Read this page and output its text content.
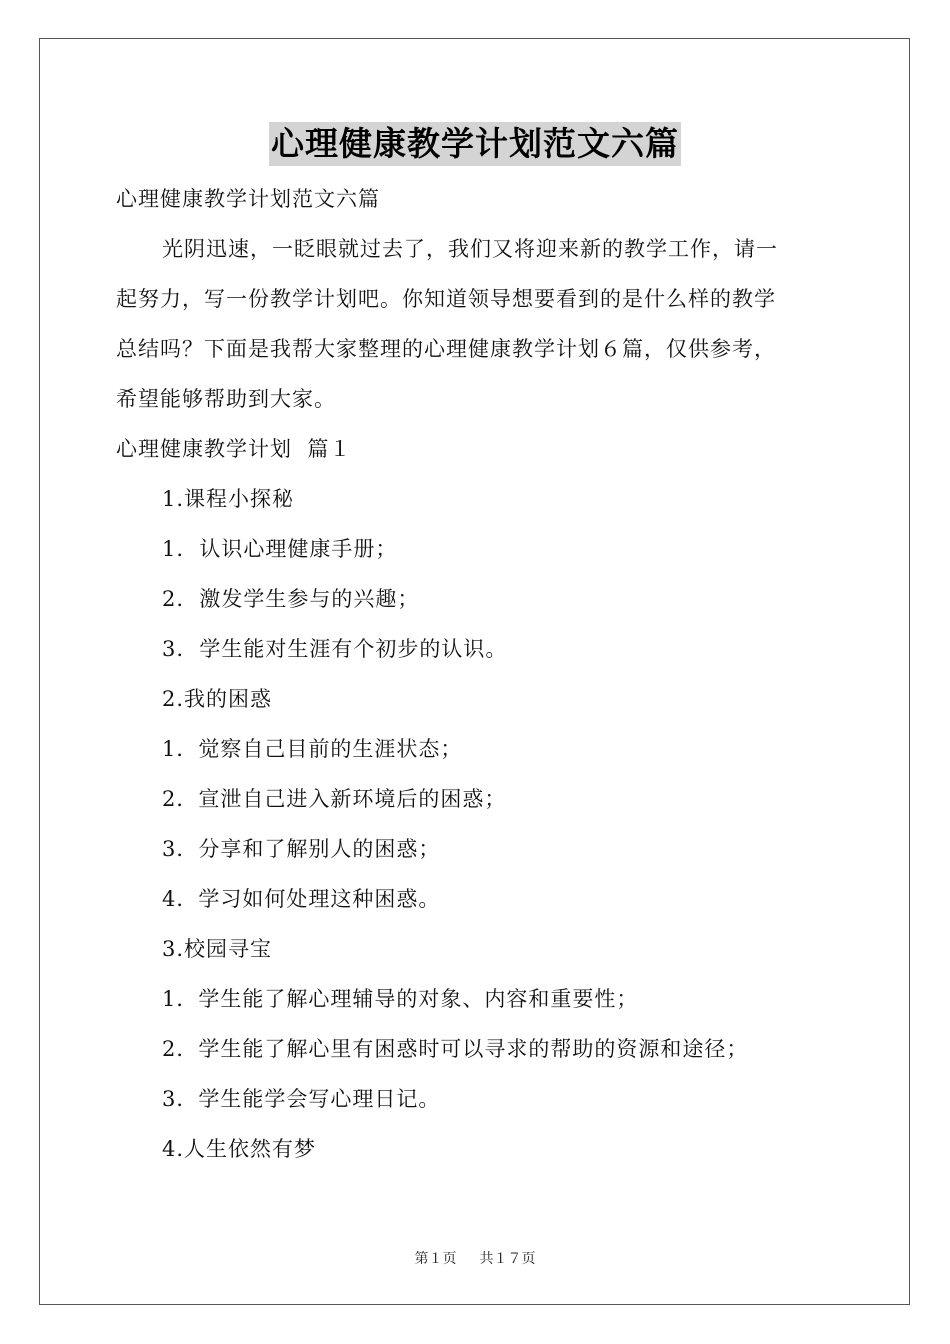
心理健康教学计划范文六篇
心理健康教学计划范文六篇
光阴迅速，一眨眼就过去了，我们又将迎来新的教学工作，请一
起努力，写一份教学计划吧。你知道领导想要看到的是什么样的教学
总结吗？下面是我帮大家整理的心理健康教学计划６篇，仅供参考，
希望能够帮助到大家。
心理健康教学计划  篇１
1.课程小探秘
1.  认识心理健康手册；
2.  激发学生参与的兴趣；
3.  学生能对生涯有个初步的认识。
2.我的困惑
1．觉察自己目前的生涯状态；
2．宣泄自己进入新环境后的困惑；
3．分享和了解别人的困惑；
4．学习如何处理这种困惑。
3.校园寻宝
1．学生能了解心理辅导的对象、内容和重要性；
2．学生能了解心里有困惑时可以寻求的帮助的资源和途径；
3．学生能学会写心理日记。
4.人生依然有梦
第１页 共１７页
